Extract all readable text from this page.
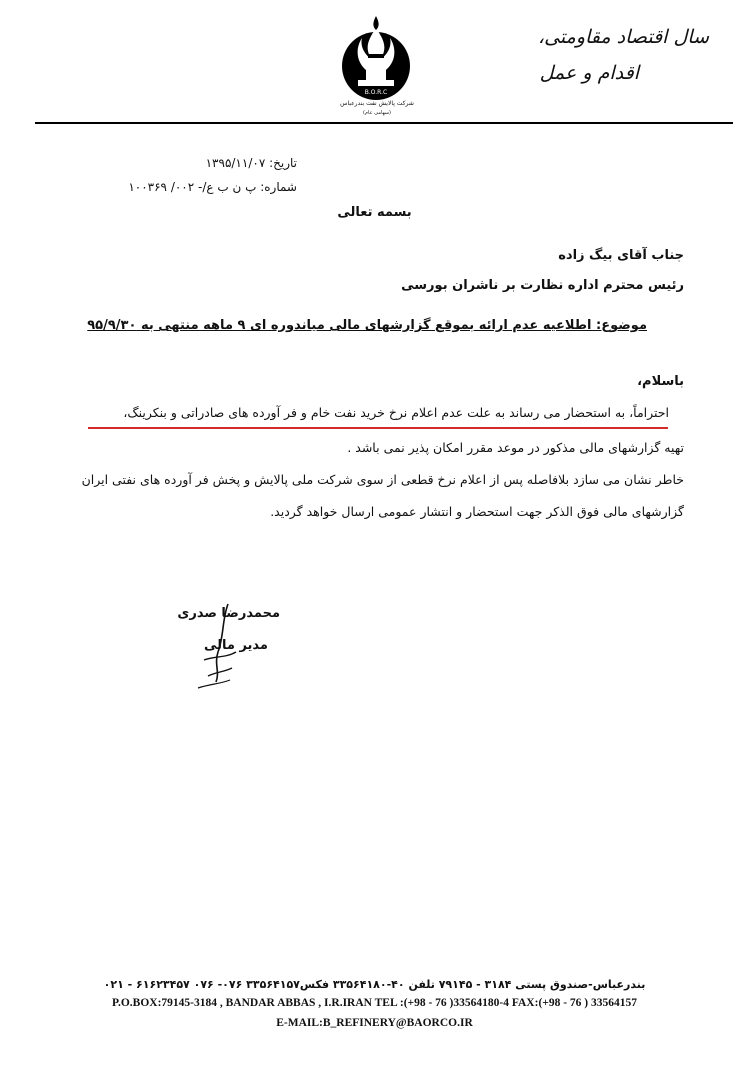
سال اقتصاد مقاومتی،
اقدام و عمل
B.O.R.C
شرکت پالایش نفت بندرعباس
(سهامی عام)
تاریخ: ۱۳۹۵/۱۱/۰۷
شماره: پ ن ب ع/- ۰۰۲/ ۱۰۰۳۶۹
بسمه تعالی
جناب آقای بیگ زاده
رئیس محترم اداره نظارت بر ناشران بورسی
موضوع: اطلاعیه عدم ارائه بموقع گزارشهای مالی میاندوره ای ۹ ماهه منتهی به ۹۵/۹/۳۰
باسلام،
احتراماً، به استحضار می رساند به علت عدم اعلام نرخ خرید نفت خام و فر آورده های صادراتی و بنکرینگ،
تهیه گزارشهای مالی مذکور در موعد مقرر امکان پذیر نمی باشد .
خاطر نشان می سازد بلافاصله پس از اعلام نرخ قطعی از سوی شرکت ملی پالایش و پخش فر آورده های نفتی ایران
گزارشهای مالی فوق الذکر جهت استحضار و انتشار عمومی ارسال خواهد گردید.
محمدرضا صدری
مدیر مالی
بندرعباس-صندوق پستی ۳۱۸۴ - ۷۹۱۴۵ تلفن ۴۰-۳۳۵۶۴۱۸۰ فکس۳۳۵۶۴۱۵۷ ۰۷۶- ۰۷۶ ۶۱۶۲۳۴۵۷ - ۰۲۱
P.O.BOX:79145-3184 , BANDAR ABBAS , I.R.IRAN TEL :(+98 - 76 )33564180-4 FAX:(+98 - 76 ) 33564157
E-MAIL:B_REFINERY@BAORCO.IR
